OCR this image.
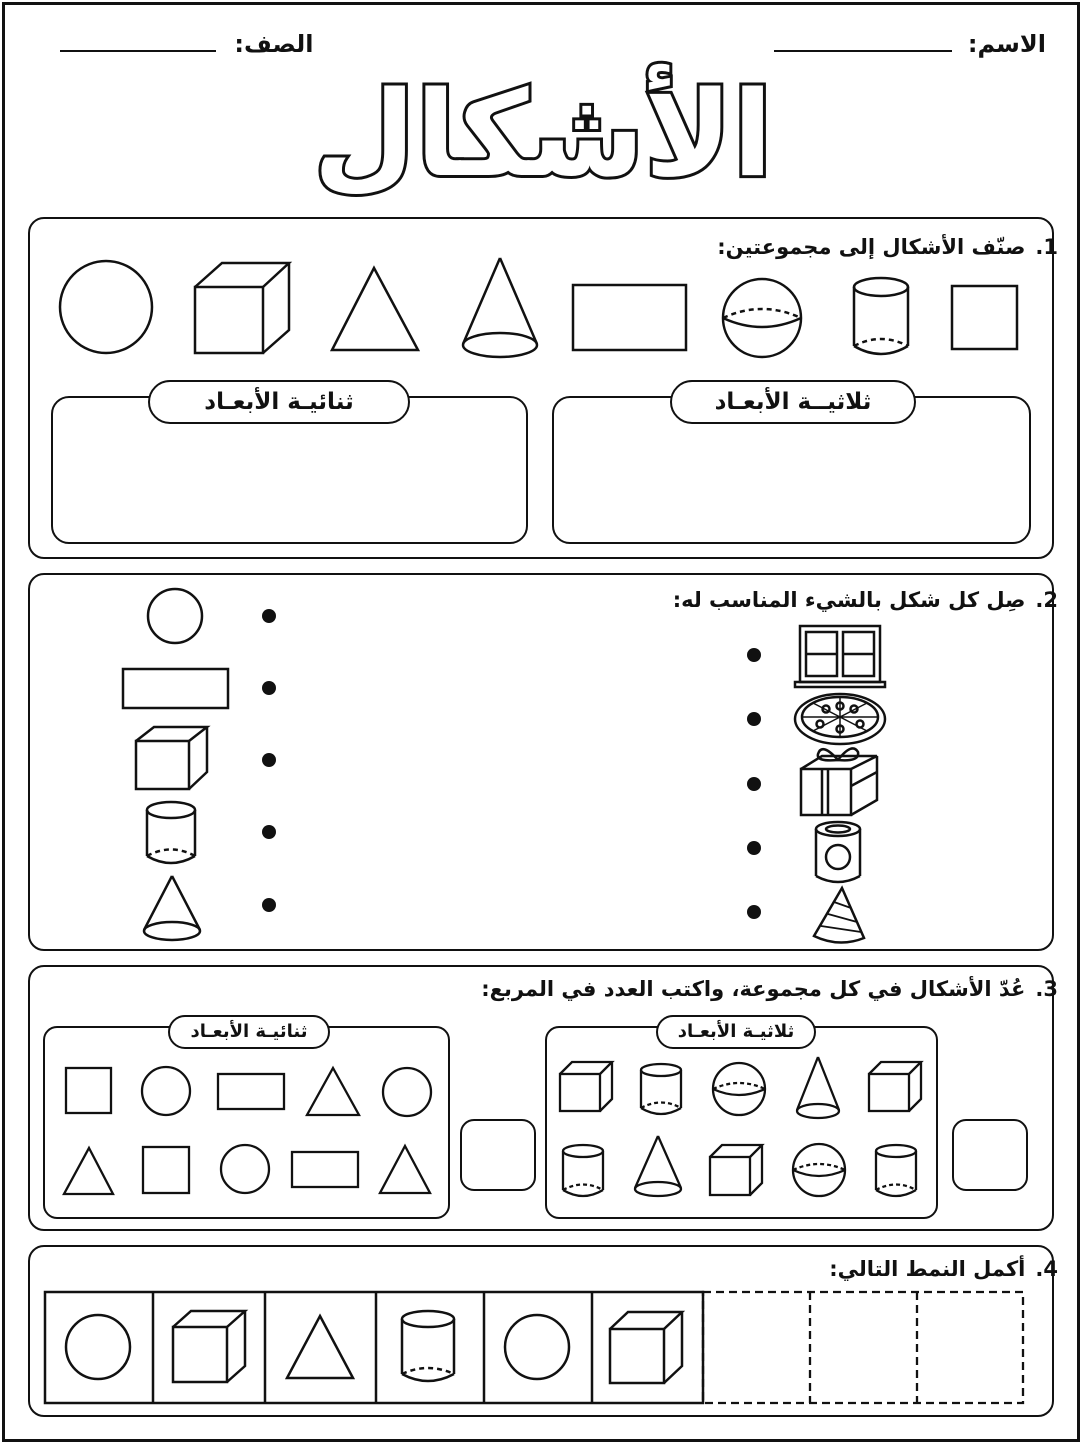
الاسم:
الصف:
الأشكال
1.صنّف الأشكال إلى مجموعتين:
ثنائيـة الأبعـاد	ثلاثيــة الأبعـاد
2.صِل كل شكل بالشيء المناسب له:
3.عُدّ الأشكال في كل مجموعة، واكتب العدد في المربع:
ثنائيـة الأبعـاد	ثلاثيـة الأبعـاد
4.أكمل النمط التالي:
